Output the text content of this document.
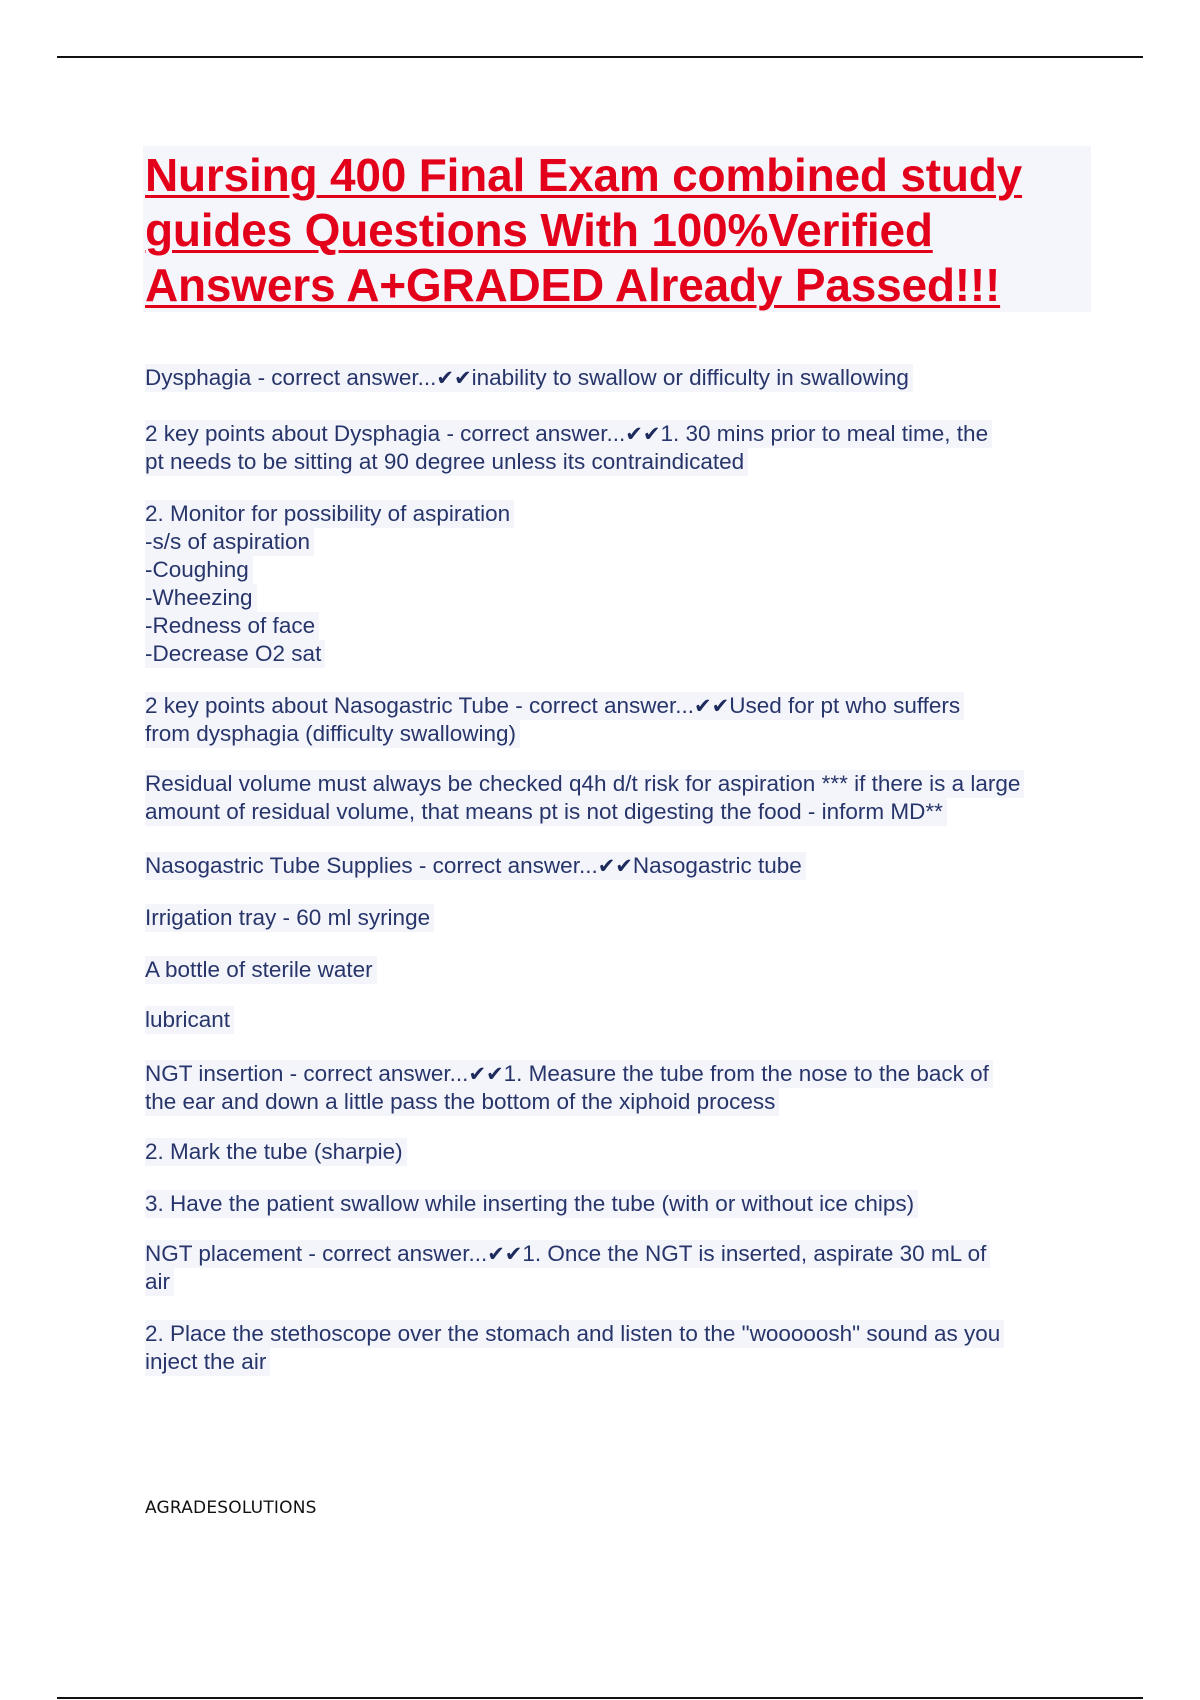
Nursing 400 Final Exam combined study
guides Questions With 100%Verified
Answers A+GRADED Already Passed!!!

Dysphagia - correct answer...✔✔inability to swallow or difficulty in swallowing

2 key points about Dysphagia - correct answer...✔✔1. 30 mins prior to meal time, the
pt needs to be sitting at 90 degree unless its contraindicated

2. Monitor for possibility of aspiration
-s/s of aspiration
-Coughing
-Wheezing
-Redness of face
-Decrease O2 sat

2 key points about Nasogastric Tube - correct answer...✔✔Used for pt who suffers
from dysphagia (difficulty swallowing)

Residual volume must always be checked q4h d/t risk for aspiration *** if there is a large
amount of residual volume, that means pt is not digesting the food - inform MD**

Nasogastric Tube Supplies - correct answer...✔✔Nasogastric tube

Irrigation tray - 60 ml syringe

A bottle of sterile water

lubricant

NGT insertion - correct answer...✔✔1. Measure the tube from the nose to the back of
the ear and down a little pass the bottom of the xiphoid process

2. Mark the tube (sharpie)

3. Have the patient swallow while inserting the tube (with or without ice chips)

NGT placement - correct answer...✔✔1. Once the NGT is inserted, aspirate 30 mL of
air

2. Place the stethoscope over the stomach and listen to the "wooooosh" sound as you
inject the air

AGRADESOLUTIONS
